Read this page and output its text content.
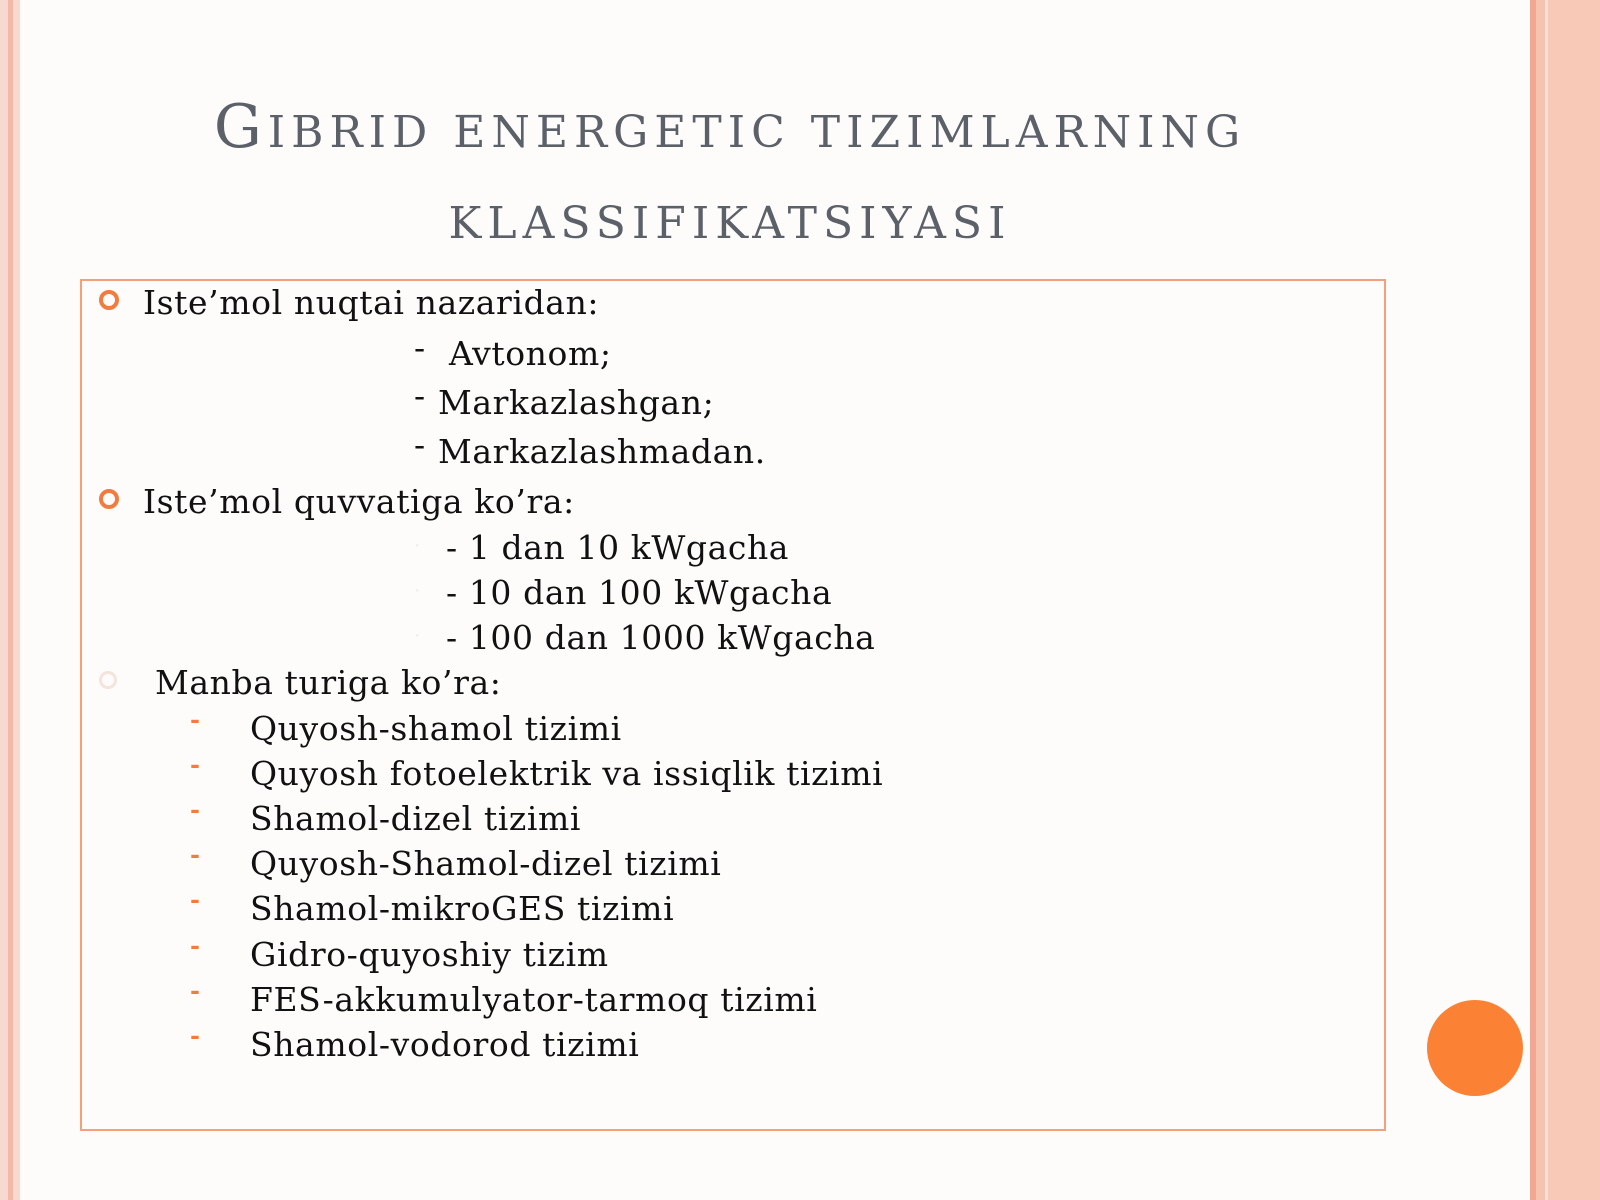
GIBRID ENERGETIC TIZIMLARNING
KLASSIFIKATSIYASI
Iste’mol nuqtai nazaridan:
- Avtonom;
- Markazlashgan;
- Markazlashmadan.
Iste’mol quvvatiga ko’ra:
· - 1 dan 10 kWgacha
· - 10 dan 100 kWgacha
· - 100 dan 1000 kWgacha
Manba turiga ko’ra:
- Quyosh-shamol tizimi
- Quyosh fotoelektrik va issiqlik tizimi
- Shamol-dizel tizimi
- Quyosh-Shamol-dizel tizimi
- Shamol-mikroGES tizimi
- Gidro-quyoshiy tizim
- FES-akkumulyator-tarmoq tizimi
- Shamol-vodorod tizimi
